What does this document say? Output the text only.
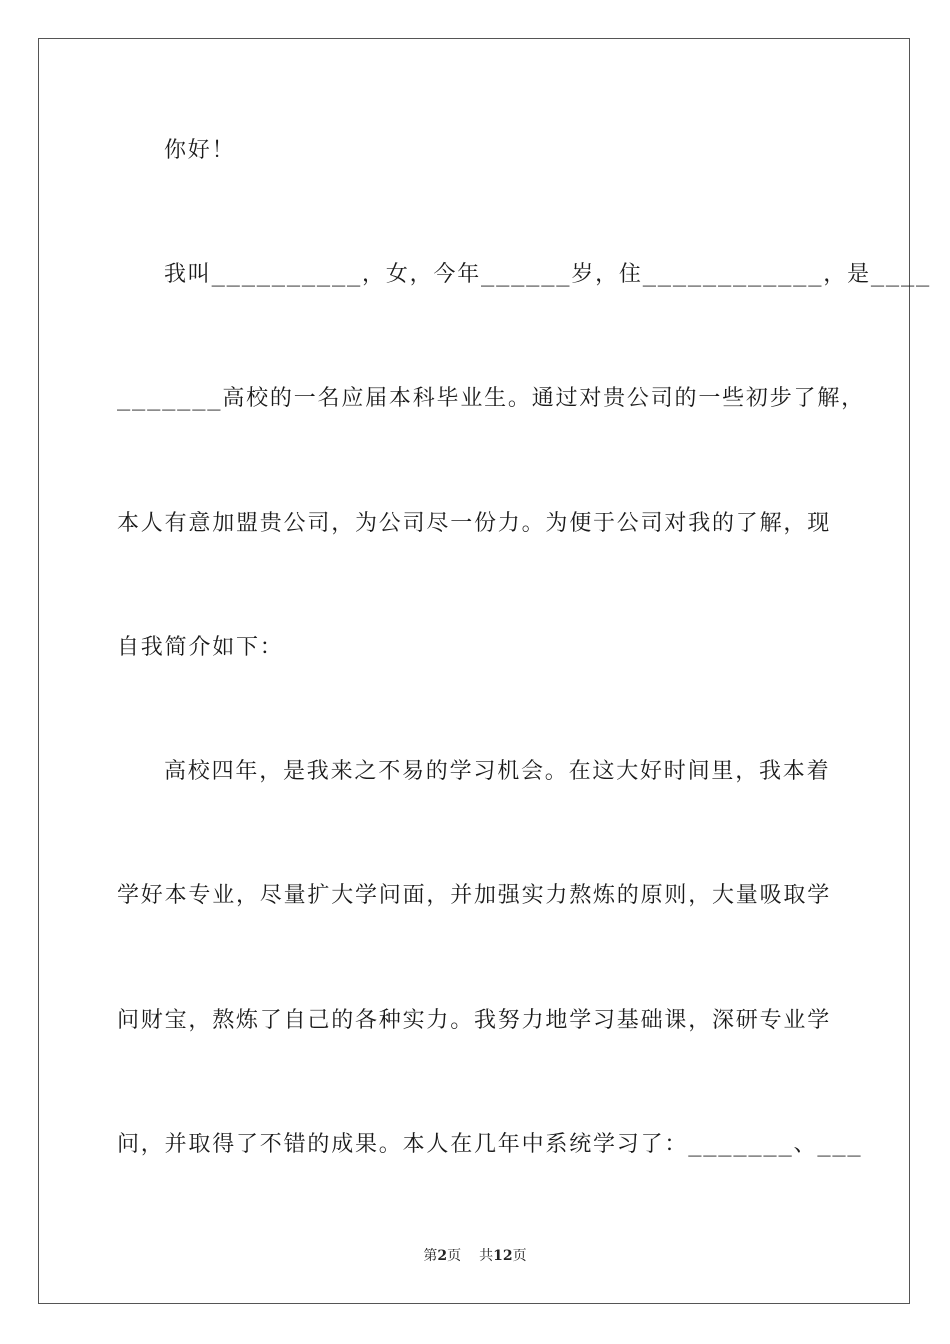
你好！
我叫__________，女，今年______岁，住____________，是____
_______高校的一名应届本科毕业生。通过对贵公司的一些初步了解，
本人有意加盟贵公司，为公司尽一份力。为便于公司对我的了解，现
自我简介如下：
高校四年，是我来之不易的学习机会。在这大好时间里，我本着
学好本专业，尽量扩大学问面，并加强实力熬炼的原则，大量吸取学
问财宝，熬炼了自己的各种实力。我努力地学习基础课，深研专业学
问，并取得了不错的成果。本人在几年中系统学习了：_______、___
第2页 共12页
